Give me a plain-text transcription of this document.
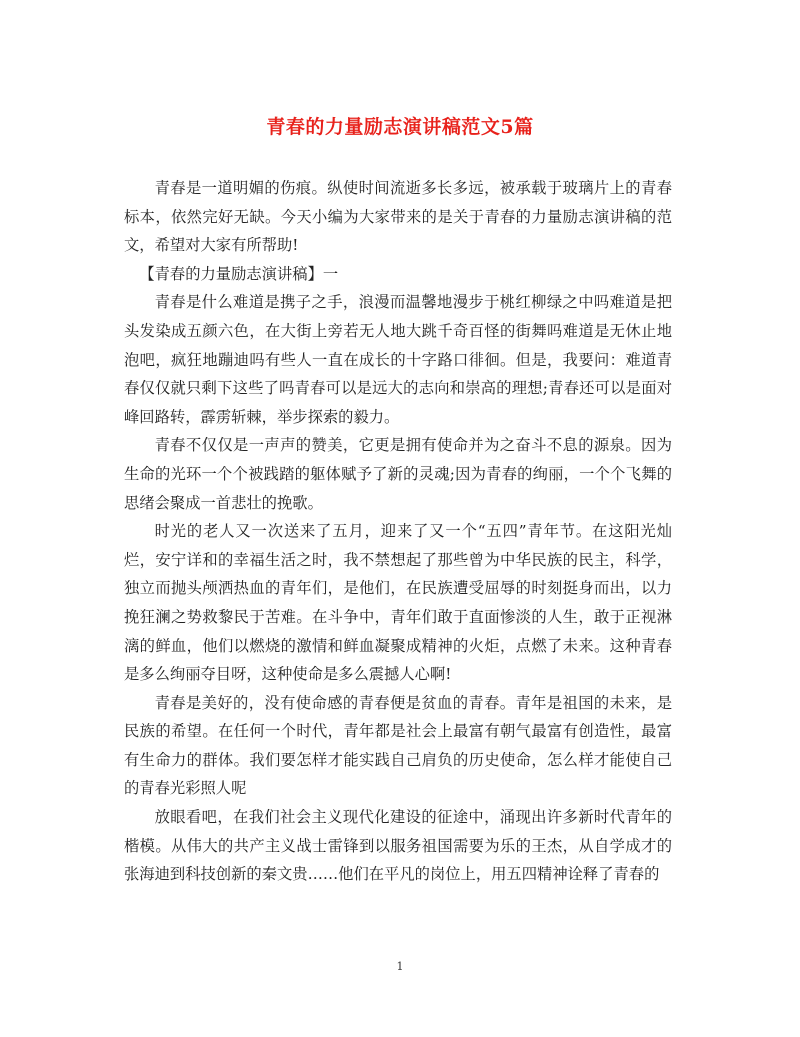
青春的力量励志演讲稿范文5篇

青春是一道明媚的伤痕。纵使时间流逝多长多远，被承载于玻璃片上的青春标本，依然完好无缺。今天小编为大家带来的是关于青春的力量励志演讲稿的范文，希望对大家有所帮助!

【青春的力量励志演讲稿】一

青春是什么难道是携子之手，浪漫而温馨地漫步于桃红柳绿之中吗难道是把头发染成五颜六色，在大街上旁若无人地大跳千奇百怪的街舞吗难道是无休止地泡吧，疯狂地蹦迪吗有些人一直在成长的十字路口徘徊。但是，我要问：难道青春仅仅就只剩下这些了吗青春可以是远大的志向和崇高的理想;青春还可以是面对峰回路转，霹雳斩棘，举步探索的毅力。

青春不仅仅是一声声的赞美，它更是拥有使命并为之奋斗不息的源泉。因为生命的光环一个个被践踏的躯体赋予了新的灵魂;因为青春的绚丽，一个个飞舞的思绪会聚成一首悲壮的挽歌。

时光的老人又一次送来了五月，迎来了又一个“五四”青年节。在这阳光灿烂，安宁详和的幸福生活之时，我不禁想起了那些曾为中华民族的民主，科学，独立而抛头颅洒热血的青年们，是他们，在民族遭受屈辱的时刻挺身而出，以力挽狂澜之势救黎民于苦难。在斗争中，青年们敢于直面惨淡的人生，敢于正视淋漓的鲜血，他们以燃烧的激情和鲜血凝聚成精神的火炬，点燃了未来。这种青春是多么绚丽夺目呀，这种使命是多么震撼人心啊!

青春是美好的，没有使命感的青春便是贫血的青春。青年是祖国的未来，是民族的希望。在任何一个时代，青年都是社会上最富有朝气最富有创造性，最富有生命力的群体。我们要怎样才能实践自己肩负的历史使命，怎么样才能使自己的青春光彩照人呢

放眼看吧，在我们社会主义现代化建设的征途中，涌现出许多新时代青年的楷模。从伟大的共产主义战士雷锋到以服务祖国需要为乐的王杰，从自学成才的张海迪到科技创新的秦文贵……他们在平凡的岗位上，用五四精神诠释了青春的

1
